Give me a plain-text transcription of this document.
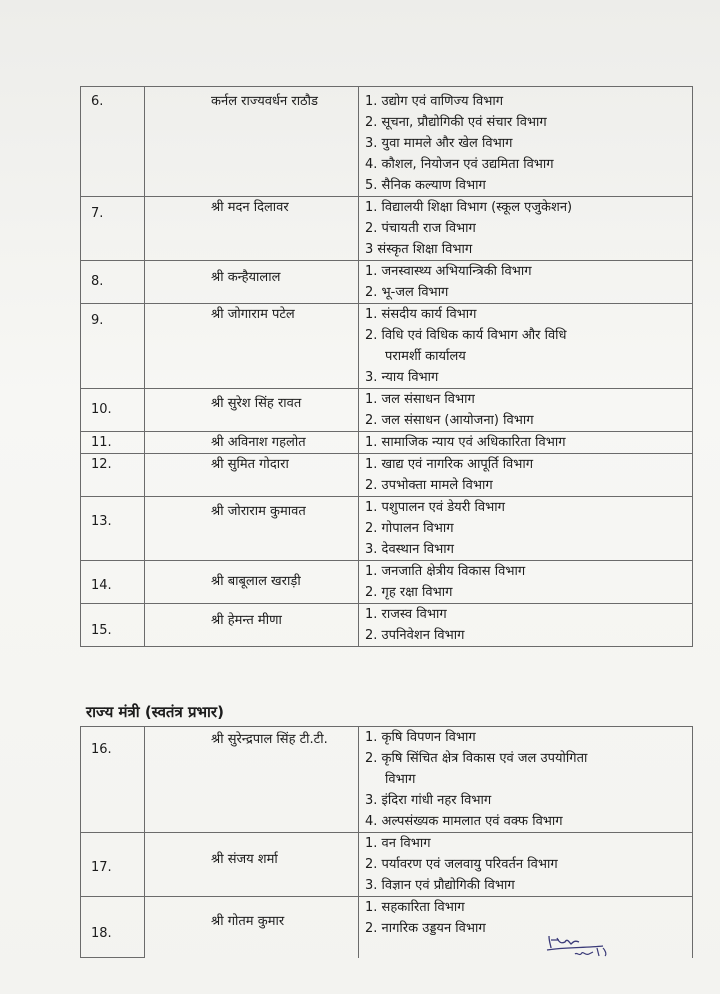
6.	कर्नल राज्यवर्धन राठौड	1. उद्योग एवं वाणिज्य विभाग
2. सूचना, प्रौद्योगिकी एवं संचार विभाग
3. युवा मामले और खेल विभाग
4. कौशल, नियोजन एवं उद्यमिता विभाग
5. सैनिक कल्याण विभाग

7.	श्री मदन दिलावर	1. विद्यालयी शिक्षा विभाग (स्कूल एजुकेशन)
2. पंचायती राज विभाग
3 संस्कृत शिक्षा विभाग

8.	श्री कन्हैयालाल	1. जनस्वास्थ्य अभियान्त्रिकी विभाग
2. भू-जल विभाग

9.	श्री जोगाराम पटेल	1. संसदीय कार्य विभाग
2. विधि एवं विधिक कार्य विभाग और विधि
परामर्शी कार्यालय
3. न्याय विभाग

10.	श्री सुरेश सिंह रावत	1. जल संसाधन विभाग
2. जल संसाधन (आयोजना) विभाग

11.	श्री अविनाश गहलोत	1. सामाजिक न्याय एवं अधिकारिता विभाग

12.	श्री सुमित गोदारा	1. खाद्य एवं नागरिक आपूर्ति विभाग
2. उपभोक्ता मामले विभाग

13.	श्री जोराराम कुमावत	1. पशुपालन एवं डेयरी विभाग
2. गोपालन विभाग
3. देवस्थान विभाग

14.	श्री बाबूलाल खराड़ी	1. जनजाति क्षेत्रीय विकास विभाग
2. गृह रक्षा विभाग

15.	श्री हेमन्त मीणा	1. राजस्व विभाग
2. उपनिवेशन विभाग
राज्य मंत्री (स्वतंत्र प्रभार)
16.	श्री सुरेन्द्रपाल सिंह टी.टी.	1. कृषि विपणन विभाग
2. कृषि सिंचित क्षेत्र विकास एवं जल उपयोगिता
विभाग
3. इंदिरा गांधी नहर विभाग
4. अल्पसंख्यक मामलात एवं वक्फ विभाग

17.	श्री संजय शर्मा	1. वन विभाग
2. पर्यावरण एवं जलवायु परिवर्तन विभाग
3. विज्ञान एवं प्रौद्योगिकी विभाग

18.	श्री गोतम कुमार	1. सहकारिता विभाग
2. नागरिक उड्डयन विभाग
